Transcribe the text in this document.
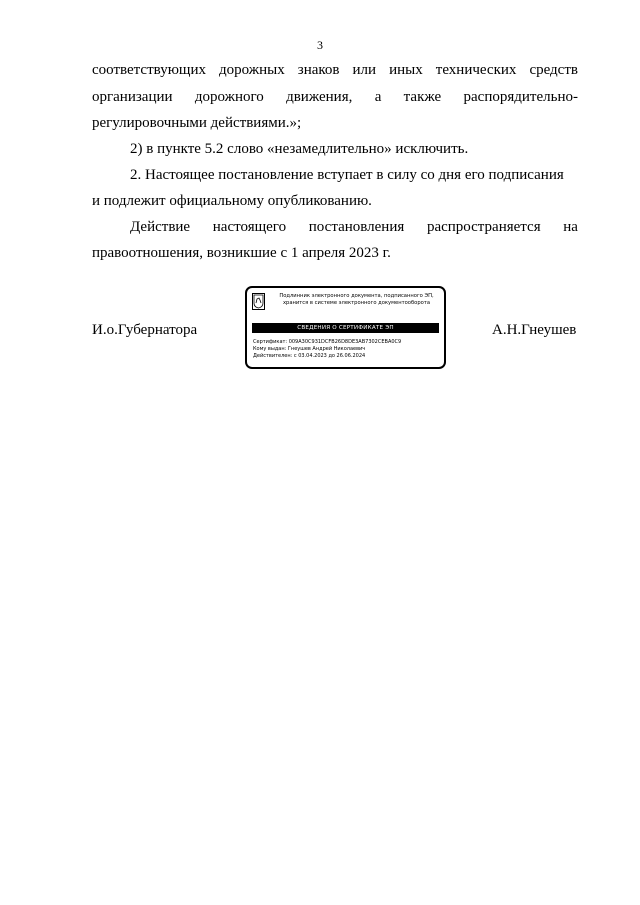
3
соответствующих дорожных знаков или иных технических средств
организации дорожного движения, а также распорядительно-
регулировочными действиями.»;
2) в пункте 5.2 слово «незамедлительно» исключить.
2. Настоящее постановление вступает в силу со дня его подписания
и подлежит официальному опубликованию.
Действие настоящего постановления распространяется на
правоотношения, возникшие с 1 апреля 2023 г.
И.о.Губернатора
Подлинник электронного документа, подписанного ЭП,
хранится в системе электронного документооборота
СВЕДЕНИЯ О СЕРТИФИКАТЕ ЭП
Сертификат: 009A30C931DCFB26D8DE3AB7302CEBA0C9
Кому выдан: Гнеушев Андрей Николаевич
Действителен: с 03.04.2023 до 26.06.2024
А.Н.Гнеушев
